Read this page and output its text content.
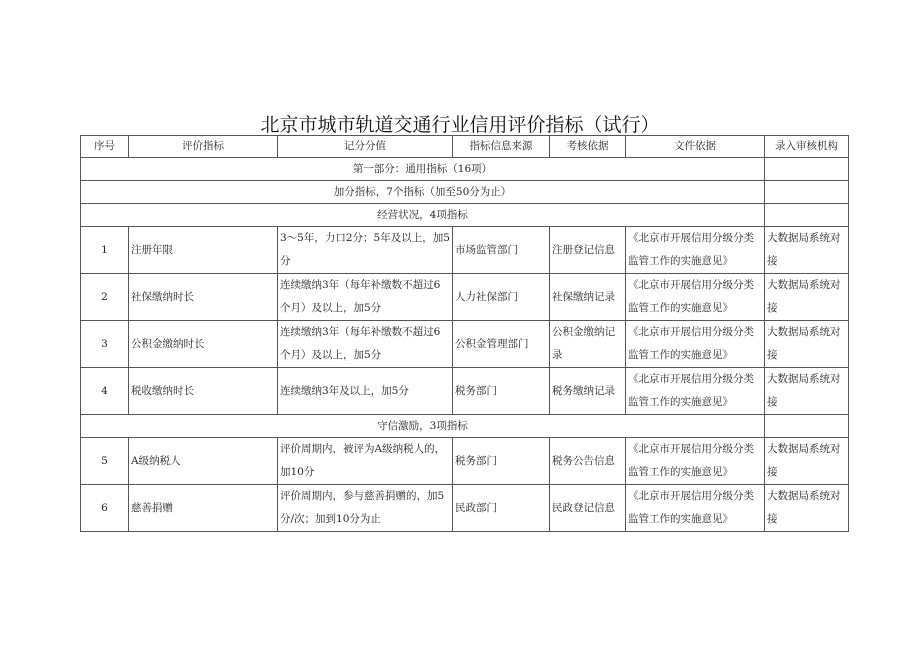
北京市城市轨道交通行业信用评价指标（试行）
序号	评价指标	记分分值	指标信息来源	考核依据	文件依据	录入审核机构
第一部分：通用指标（16项）						
加分指标，7个指标（加至50分为止）						
经营状况，4项指标						
1	注册年限	3～5年，力口2分；5年及以上，加5分	市场监管部门	注册登记信息	《北京市开展信用分级分类监管工作的实施意见》	大数据局系统对接
2	社保缴纳时长	连续缴纳3年（每年补缴数不超过6个月）及以上，加5分	人力社保部门	社保缴纳记录	《北京市开展信用分级分类监管工作的实施意见》	大数据局系统对接
3	公积金缴纳时长	连续缴纳3年（每年补缴数不超过6个月）及以上，加5分	公积金管理部门	公积金缴纳记录	《北京市开展信用分级分类监管工作的实施意见》	大数据局系统对接
4	税收缴纳时长	连续缴纳3年及以上，加5分	税务部门	税务缴纳记录	《北京市开展信用分级分类监管工作的实施意见》	大数据局系统对接
守信激励，3项指标						
5	A级纳税人	评价周期内，被评为A级纳税人的，加10分	税务部门	税务公告信息	《北京市开展信用分级分类监管工作的实施意见》	大数据局系统对接
6	慈善捐赠	评价周期内，参与慈善捐赠的，加5分/次；加到10分为止	民政部门	民政登记信息	《北京市开展信用分级分类监管工作的实施意见》	大数据局系统对接
